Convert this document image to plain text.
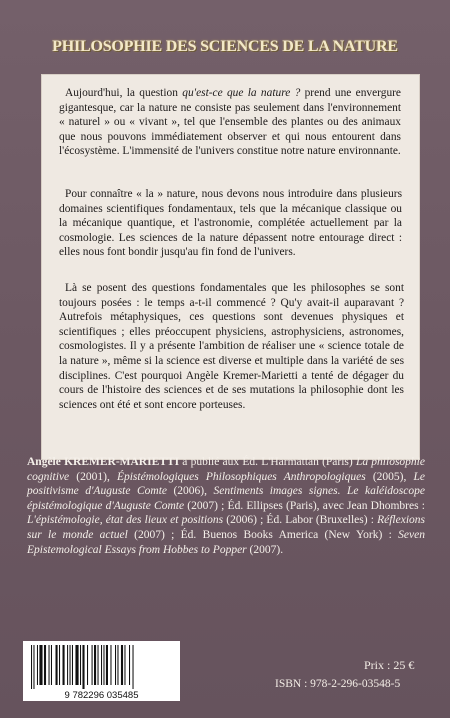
PHILOSOPHIE DES SCIENCES DE LA NATURE

Aujourd'hui, la question qu'est-ce que la nature ? prend une envergure gigantesque, car la nature ne consiste pas seulement dans l'environnement « naturel » ou « vivant », tel que l'ensemble des plantes ou des animaux que nous pouvons immédiatement observer et qui nous entourent dans l'écosystème. L'immensité de l'univers constitue notre nature environnante.

Pour connaître « la » nature, nous devons nous introduire dans plusieurs domaines scientifiques fondamentaux, tels que la mécanique classique ou la mécanique quantique, et l'astronomie, complétée actuellement par la cosmologie. Les sciences de la nature dépassent notre entourage direct : elles nous font bondir jusqu'au fin fond de l'univers.

Là se posent des questions fondamentales que les philosophes se sont toujours posées : le temps a-t-il commencé ? Qu'y avait-il auparavant ? Autrefois métaphysiques, ces questions sont devenues physiques et scientifiques ; elles préoccupent physiciens, astrophysiciens, astronomes, cosmologistes. Il y a présente l'ambition de réaliser une « science totale de la nature », même si la science est diverse et multiple dans la variété de ses disciplines. C'est pourquoi Angèle Kremer-Marietti a tenté de dégager du cours de l'histoire des sciences et de ses mutations la philosophie dont les sciences ont été et sont encore porteuses.

Angèle KREMER-MARIETTI a publié aux Éd. L'Harmattan (Paris) La philosophie cognitive (2001), Épistémologiques Philosophiques Anthropologiques (2005), Le positivisme d'Auguste Comte (2006), Sentiments images signes. Le kaléidoscope épistémologique d'Auguste Comte (2007) ; Éd. Ellipses (Paris), avec Jean Dhombres : L'épistémologie, état des lieux et positions (2006) ; Éd. Labor (Bruxelles) : Réflexions sur le monde actuel (2007) ; Éd. Buenos Books America (New York) : Seven Epistemological Essays from Hobbes to Popper (2007).

9 782296 035485
Prix : 25 €
ISBN : 978-2-296-03548-5
